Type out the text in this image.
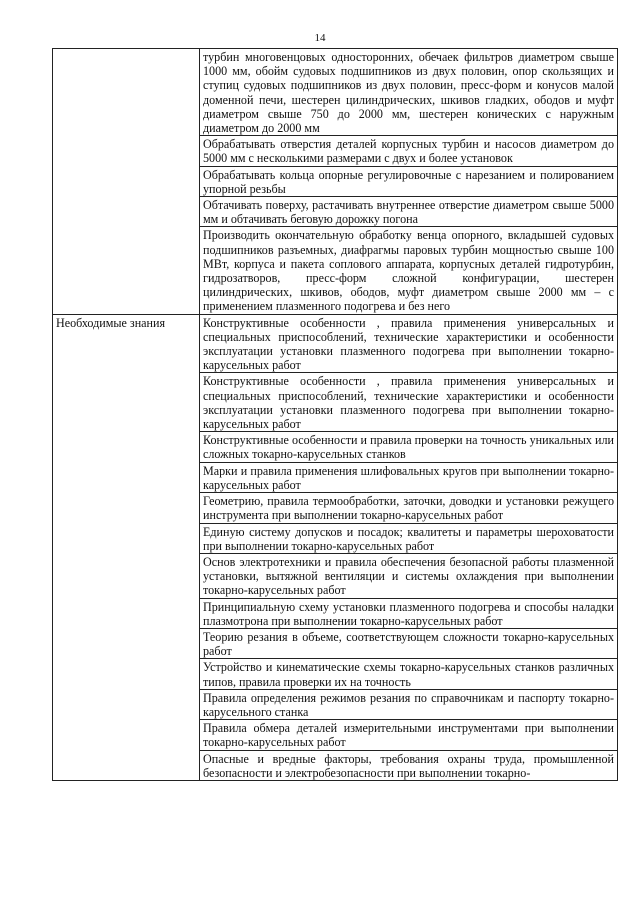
14
	турбин многовенцовых односторонних, обечаек фильтров диаметром свыше 1000 мм, обойм судовых подшипников из двух половин, опор скользящих и ступиц судовых подшипников из двух половин, пресс-форм и конусов малой доменной печи, шестерен цилиндрических, шкивов гладких, ободов и муфт диаметром свыше 750 до 2000 мм, шестерен конических с наружным диаметром до 2000 мм
	Обрабатывать отверстия деталей корпусных турбин и насосов диаметром до 5000 мм с несколькими размерами с двух и более установок
	Обрабатывать кольца опорные регулировочные с нарезанием и полированием упорной резьбы
	Обтачивать поверху, растачивать внутреннее отверстие диаметром свыше 5000 мм и обтачивать беговую дорожку погона
	Производить окончательную обработку венца опорного, вкладышей судовых подшипников разъемных, диафрагмы паровых турбин мощностью свыше 100 МВт, корпуса и пакета соплового аппарата, корпусных деталей гидротурбин, гидрозатворов, пресс-форм сложной конфигурации, шестерен цилиндрических, шкивов, ободов, муфт диаметром свыше 2000 мм – с применением плазменного подогрева и без него
Необходимые знания	Конструктивные особенности , правила применения универсальных и специальных приспособлений, технические характеристики и особенности эксплуатации установки плазменного подогрева при выполнении токарно-карусельных работ
	Конструктивные особенности , правила применения универсальных и специальных приспособлений, технические характеристики и особенности эксплуатации установки плазменного подогрева при выполнении токарно-карусельных работ
	Конструктивные особенности и правила проверки на точность уникальных или сложных токарно-карусельных станков
	Марки и правила применения шлифовальных кругов при выполнении токарно-карусельных работ
	Геометрию, правила термообработки, заточки, доводки и установки режущего инструмента при выполнении токарно-карусельных работ
	Единую систему допусков и посадок; квалитеты и параметры шероховатости при выполнении токарно-карусельных работ
	Основ электротехники и правила обеспечения безопасной работы плазменной установки, вытяжной вентиляции и системы охлаждения при выполнении токарно-карусельных работ
	Принципиальную схему установки плазменного подогрева и способы наладки плазмотрона при выполнении токарно-карусельных работ
	Теорию резания в объеме, соответствующем сложности токарно-карусельных работ
	Устройство и кинематические схемы токарно-карусельных станков различных типов, правила проверки их на точность
	Правила определения режимов резания по справочникам и паспорту токарно-карусельного станка
	Правила обмера деталей измерительными инструментами при выполнении токарно-карусельных работ
	Опасные и вредные факторы, требования охраны труда, промышленной безопасности и электробезопасности при выполнении токарно-
